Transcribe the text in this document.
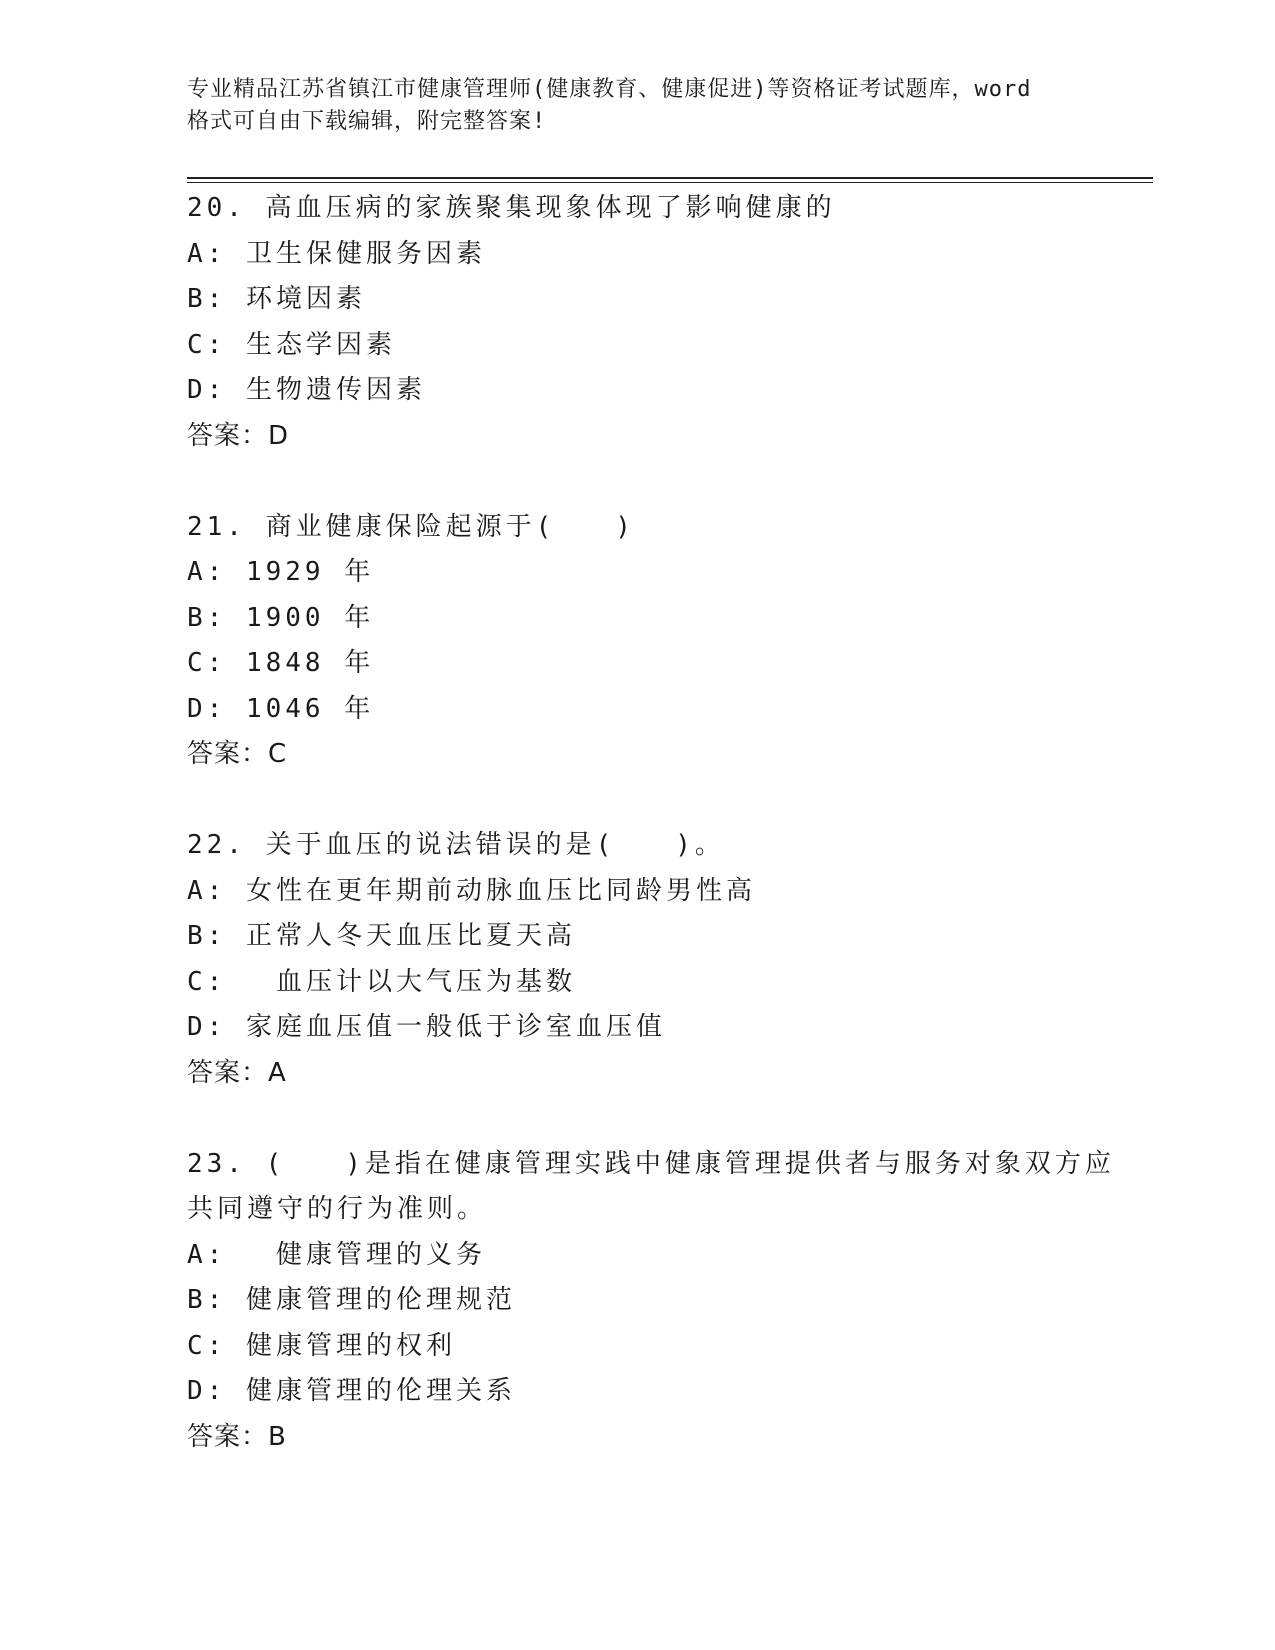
专业精品江苏省镇江市健康管理师(健康教育、健康促进)等资格证考试题库，word
格式可自由下载编辑，附完整答案!
20. 高血压病的家族聚集现象体现了影响健康的
A: 卫生保健服务因素
B: 环境因素
C: 生态学因素
D: 生物遗传因素
答案：D
21. 商业健康保险起源于(　　)
A: 1929 年
B: 1900 年
C: 1848 年
D: 1046 年
答案：C
22. 关于血压的说法错误的是(　　)。
A: 女性在更年期前动脉血压比同龄男性高
B: 正常人冬天血压比夏天高
C: 　血压计以大气压为基数
D: 家庭血压值一般低于诊室血压值
答案：A
23. (　　)是指在健康管理实践中健康管理提供者与服务对象双方应
共同遵守的行为准则。
A: 　健康管理的义务
B: 健康管理的伦理规范
C: 健康管理的权利
D: 健康管理的伦理关系
答案：B
